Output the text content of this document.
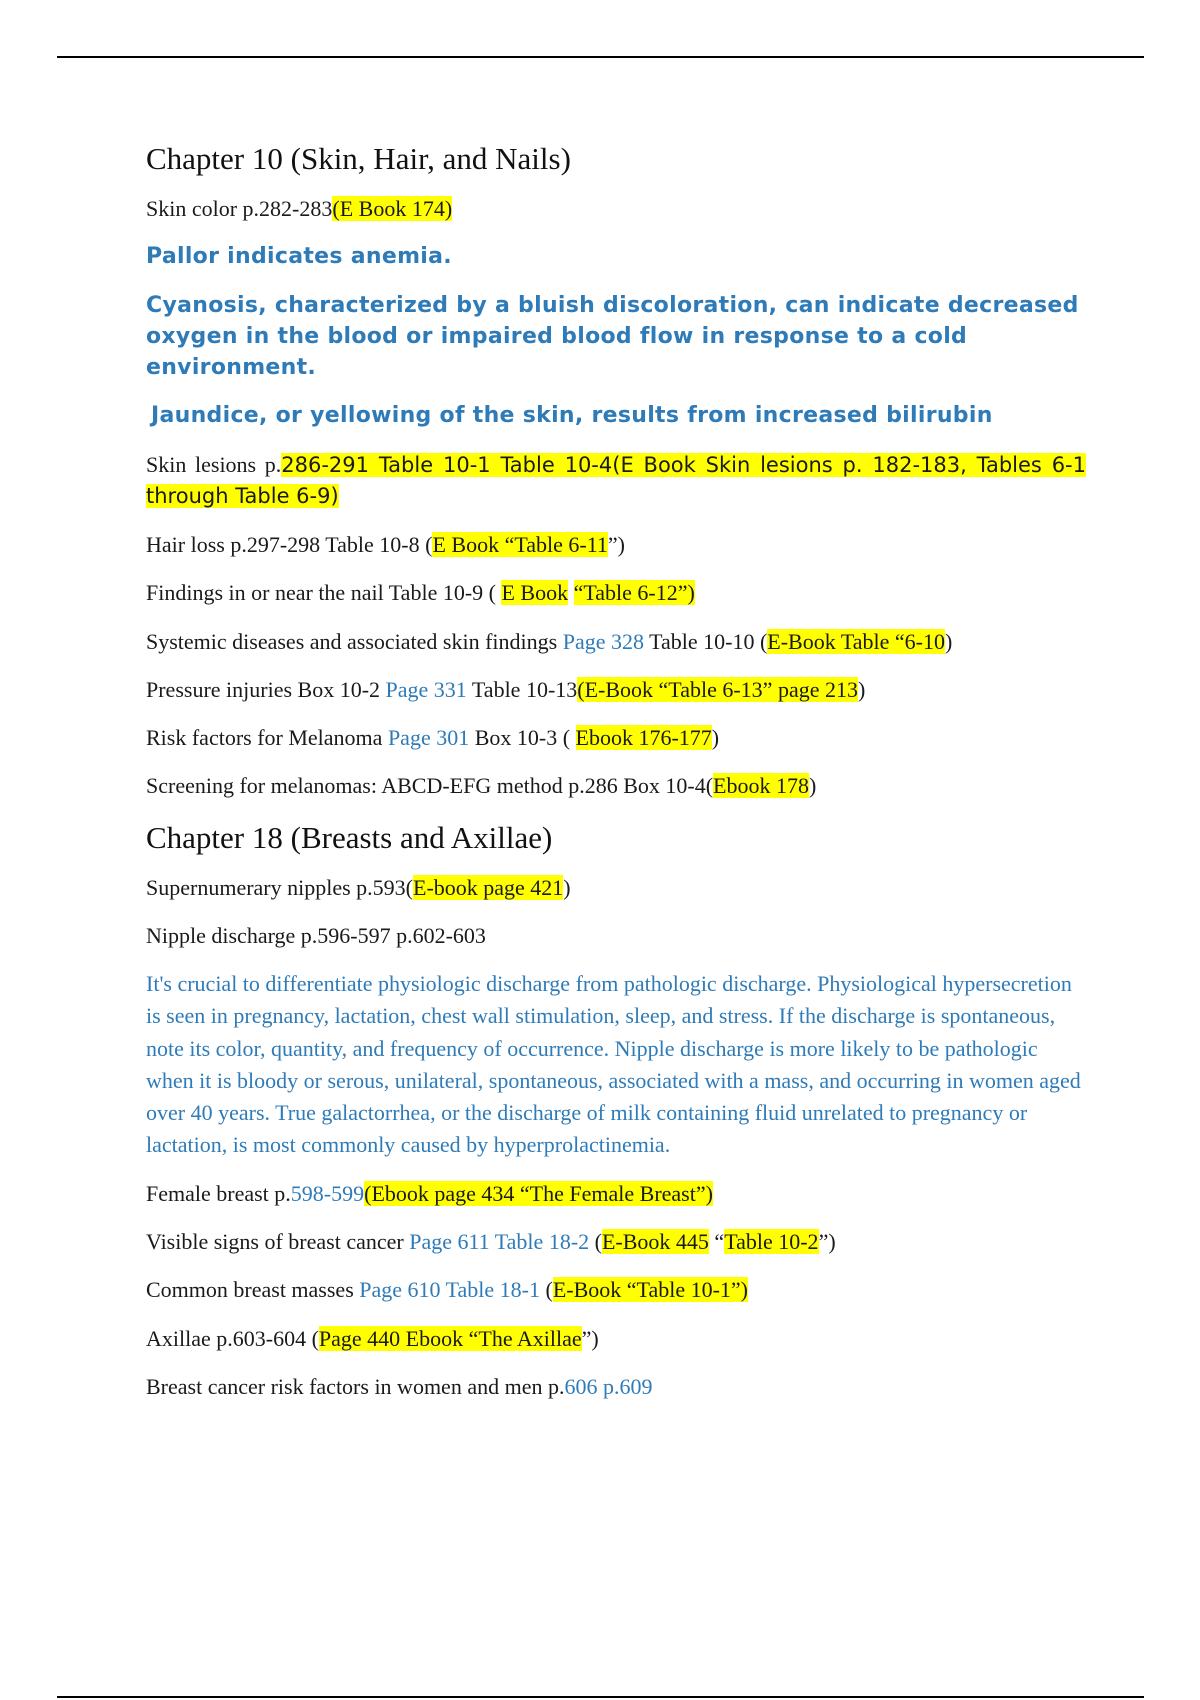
Chapter 10 (Skin, Hair, and Nails)

Skin color p.282-283(E Book 174)

Pallor indicates anemia.

Cyanosis, characterized by a bluish discoloration, can indicate decreased oxygen in the blood or impaired blood flow in response to a cold environment.

Jaundice, or yellowing of the skin, results from increased bilirubin

Skin lesions p.286-291 Table 10-1 Table 10-4(E Book Skin lesions p. 182-183, Tables 6-1 through Table 6-9)

Hair loss p.297-298 Table 10-8 (E Book “Table 6-11”)

Findings in or near the nail Table 10-9 ( E Book “Table 6-12”)

Systemic diseases and associated skin findings Page 328 Table 10-10 (E-Book Table “6-10)

Pressure injuries Box 10-2 Page 331 Table 10-13(E-Book “Table 6-13” page 213)

Risk factors for Melanoma Page 301 Box 10-3 ( Ebook 176-177)

Screening for melanomas: ABCD-EFG method p.286 Box 10-4(Ebook 178)

Chapter 18 (Breasts and Axillae)

Supernumerary nipples p.593(E-book page 421)

Nipple discharge p.596-597 p.602-603

It's crucial to differentiate physiologic discharge from pathologic discharge. Physiological hypersecretion is seen in pregnancy, lactation, chest wall stimulation, sleep, and stress. If the discharge is spontaneous, note its color, quantity, and frequency of occurrence. Nipple discharge is more likely to be pathologic when it is bloody or serous, unilateral, spontaneous, associated with a mass, and occurring in women aged over 40 years. True galactorrhea, or the discharge of milk containing fluid unrelated to pregnancy or lactation, is most commonly caused by hyperprolactinemia.

Female breast p.598-599(Ebook page 434 “The Female Breast”)

Visible signs of breast cancer Page 611 Table 18-2 (E-Book 445 “Table 10-2”)

Common breast masses Page 610 Table 18-1 (E-Book “Table 10-1”)

Axillae p.603-604 (Page 440 Ebook “The Axillae”)

Breast cancer risk factors in women and men p.606 p.609
